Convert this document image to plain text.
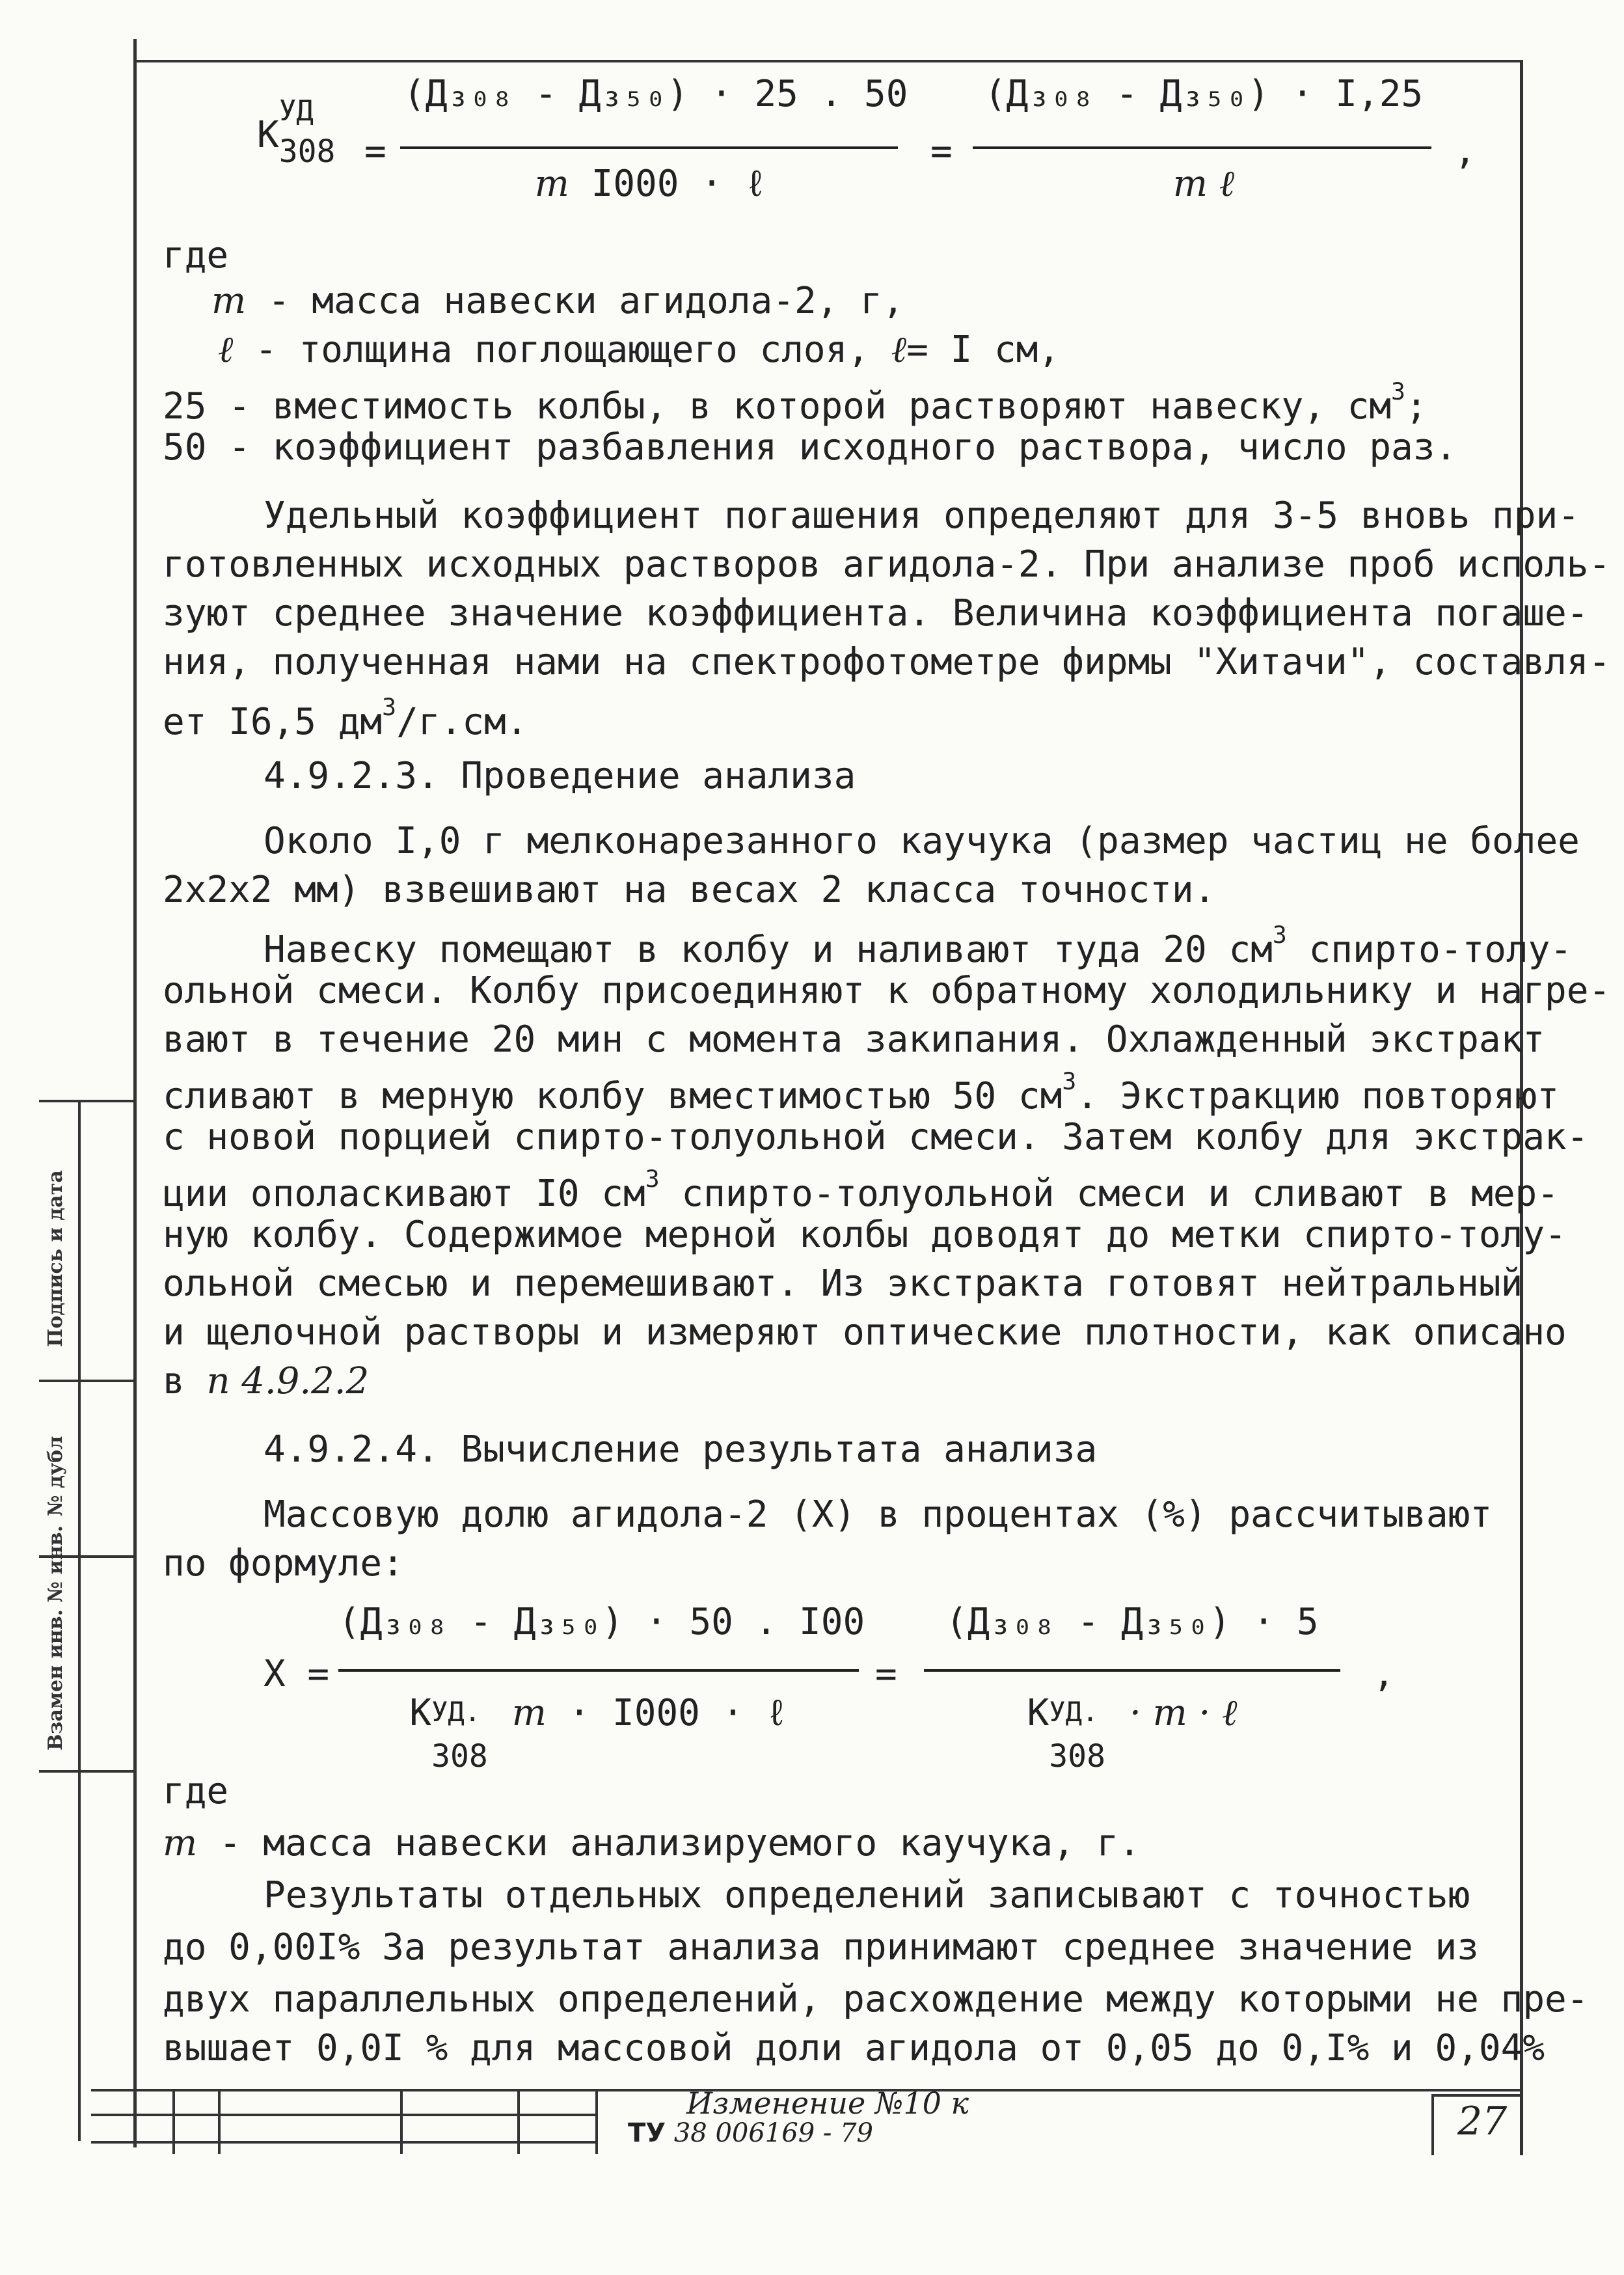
Подпись и дата
№ дубл
Взамен инв. № инв.
K
УД
308 =
(Д₃₀₈ - Д₃₅₀) · 25 . 50
m I000 · ℓ
=
(Д₃₀₈ - Д₃₅₀) · I,25
m ℓ
,
где
m - масса навески агидола-2, г,
ℓ - толщина поглощающего слоя, ℓ= I см,
25 - вместимость колбы, в которой растворяют навеску, $см^3$;
50 - коэффициент разбавления исходного раствора, число раз.
Удельный коэффициент погашения определяют для 3-5 вновь при-
готовленных исходных растворов агидола-2. При анализе проб исполь-
зуют среднее значение коэффициента. Величина коэффициента погаше-
ния, полученная нами на спектрофотометре фирмы "Хитачи", составля-
ет I6,5 $дм^3/г.см$.
4.9.2.3. Проведение анализа
Около I,0 г мелконарезанного каучука (размер частиц не более
2x2x2 мм) взвешивают на весах 2 класса точности.
Навеску помещают в колбу и наливают туда 20 $см^3$ спирто-толу-
ольной смеси. Колбу присоединяют к обратному холодильнику и нагре-
вают в течение 20 мин с момента закипания. Охлажденный экстракт
сливают в мерную колбу вместимостью 50 $см^3$. Экстракцию повторяют
с новой порцией спирто-толуольной смеси. Затем колбу для экстрак-
ции ополаскивают I0 $см^3$ спирто-толуольной смеси и сливают в мер-
ную колбу. Содержимое мерной колбы доводят до метки спирто-толу-
ольной смесью и перемешивают. Из экстракта готовят нейтральный
и щелочной растворы и измеряют оптические плотности, как описано
в п 4.9.2.2
4.9.2.4. Вычисление результата анализа
Массовую долю агидола-2 (X) в процентах (%) рассчитывают
по формуле:
X =
(Д₃₀₈ - Д₃₅₀) · 50 . I00
K УД.
308
m · I000 · ℓ
=
(Д₃₀₈ - Д₃₅₀) · 5
K УД.
308
· m · ℓ
,
где
m - масса навески анализируемого каучука, г.
Результаты отдельных определений записывают с точностью
до 0,00I% За результат анализа принимают среднее значение из
двух параллельных определений, расхождение между которыми не пре-
вышает 0,0I % для массовой доли агидола от 0,05 до 0,I% и 0,04%
Изменение №10 к
ТУ 38 006169 - 79	27
